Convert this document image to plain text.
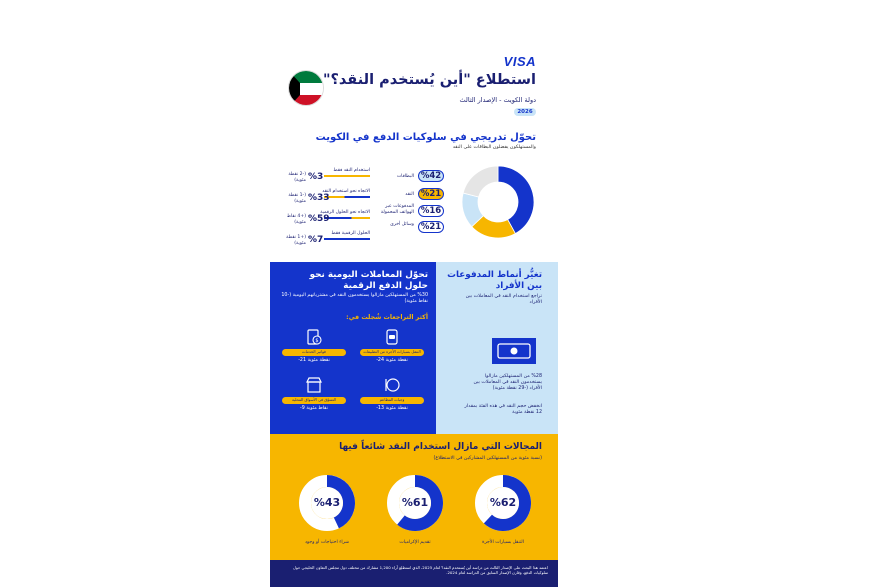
VISA
استطلاع "أين يُستخدم النقد؟"
دولة الكويت - الإصدار الثالث
2026
تحوّل تدريجي في سلوكيات الدفع في الكويت
والمستهلكون يفضلون البطاقات على النقد
البطاقات %42
النقد %21
المدفوعات عبر الهواتف المحمولة %16
وسائل أخرى %21
استخدام النقد فقط
%3
(-2 نقطة مئوية)
الاتجاه نحو استخدام النقد
%33
(-1 نقطة مئوية)
الاتجاه نحو الحلول الرقمية
%59
(+4 نقاط مئوية)
الحلول الرقمية فقط
%7
(+1 نقطة مئوية)
تحوّل المعاملات اليومية نحو حلول الدفع الرقمية
%30 من المستهلكين مازالوا يستخدمون النقد في مشترياتهم اليومية (-10 نقاط مئوية)
أكثر التراجعات شُجلت في:
التنقل بسيارات الأجرة من التطبيقات
-24 نقطة مئوية
$
فواتير الخدمات
-21 نقطة مئوية
وجبات المطاعم
-13 نقطة مئوية
التسوّق في الأسواق المحلية
-9 نقاط مئوية
تغيُّر أنماط المدفوعات بين الأفراد
تراجع استخدام النقد في المعاملات بين الأفراد
%28 من المستهلكين مازالوا يستخدمون النقد في المعاملات بين الأفراد (-29 نقطة مئوية)
انخفض حجم النقد في هذه الفئة بمقدار 12 نقطة مئوية
المجالات التي مازال استخدام النقد شائعاً فيها
(نسبة مئوية من المستهلكين المشاركين في الاستطلاع)
%62
التنقل بسيارات الأجرة
%61
تقديم الإكراميات
%43
شراء احتياجات أو وجود
اعتمد هذا البحث على الإصدار الثالث من دراسة أين يُستخدم النقد؟ لعام 2025، الذي استطلع آراء 1,200 مشارك من مختلف دول مجلس التعاون الخليجي حول سلوكيات الدفع، وقارن الإصدار السابق من الدراسة لعام 2024.
